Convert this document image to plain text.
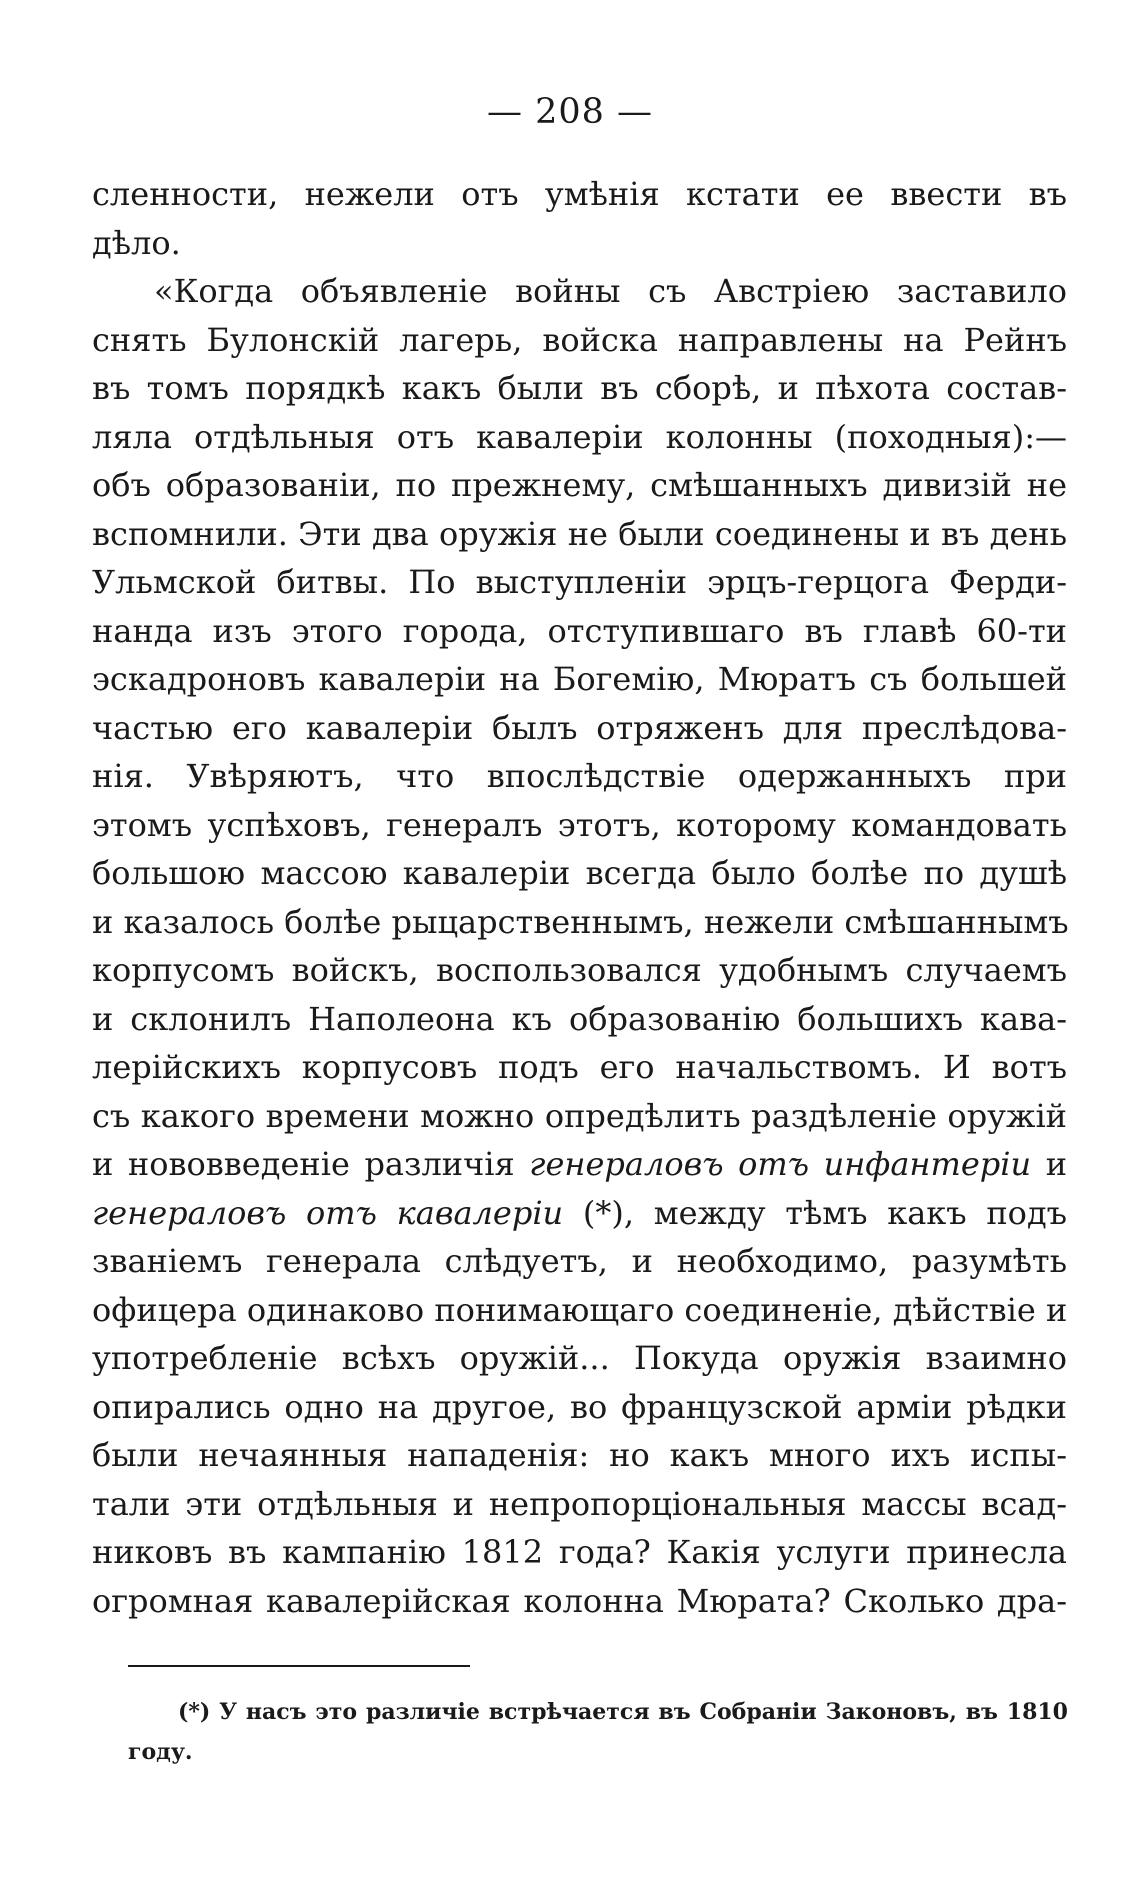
— 208 —
сленности, нежели отъ умѣнія кстати ее ввести въ
дѣло.
«Когда объявленіе войны съ Австріею заставило
снять Булонскій лагерь, войска направлены на Рейнъ
въ томъ порядкѣ какъ были въ сборѣ, и пѣхота состав-
ляла отдѣльныя отъ кавалеріи колонны (походныя):—
объ образованіи, по прежнему, смѣшанныхъ дивизій не
вспомнили. Эти два оружія не были соединены и въ день
Ульмской битвы. По выступленіи эрцъ-герцога Ферди-
нанда изъ этого города, отступившаго въ главѣ 60-ти
эскадроновъ кавалеріи на Богемію, Мюратъ съ большей
частью его кавалеріи былъ отряженъ для преслѣдова-
нія. Увѣряютъ, что впослѣдствіе одержанныхъ при
этомъ успѣховъ, генералъ этотъ, которому командовать
большою массою кавалеріи всегда было болѣе по душѣ
и казалось болѣе рыцарственнымъ, нежели смѣшаннымъ
корпусомъ войскъ, воспользовался удобнымъ случаемъ
и склонилъ Наполеона къ образованію большихъ кава-
лерійскихъ корпусовъ подъ его начальствомъ. И вотъ
съ какого времени можно опредѣлить раздѣленіе оружій
и нововведеніе различія генераловъ отъ инфантеріи и
генераловъ отъ кавалеріи (*), между тѣмъ какъ подъ
званіемъ генерала слѣдуетъ, и необходимо, разумѣть
офицера одинаково понимающаго соединеніе, дѣйствіе и
употребленіе всѣхъ оружій... Покуда оружія взаимно
опирались одно на другое, во французской арміи рѣдки
были нечаянныя нападенія: но какъ много ихъ испы-
тали эти отдѣльныя и непропорціональныя массы всад-
никовъ въ кампанію 1812 года? Какія услуги принесла
огромная кавалерійская колонна Мюрата? Сколько дра-
(*) У насъ это различіе встрѣчается въ Собраніи Законовъ, въ 1810
году.
